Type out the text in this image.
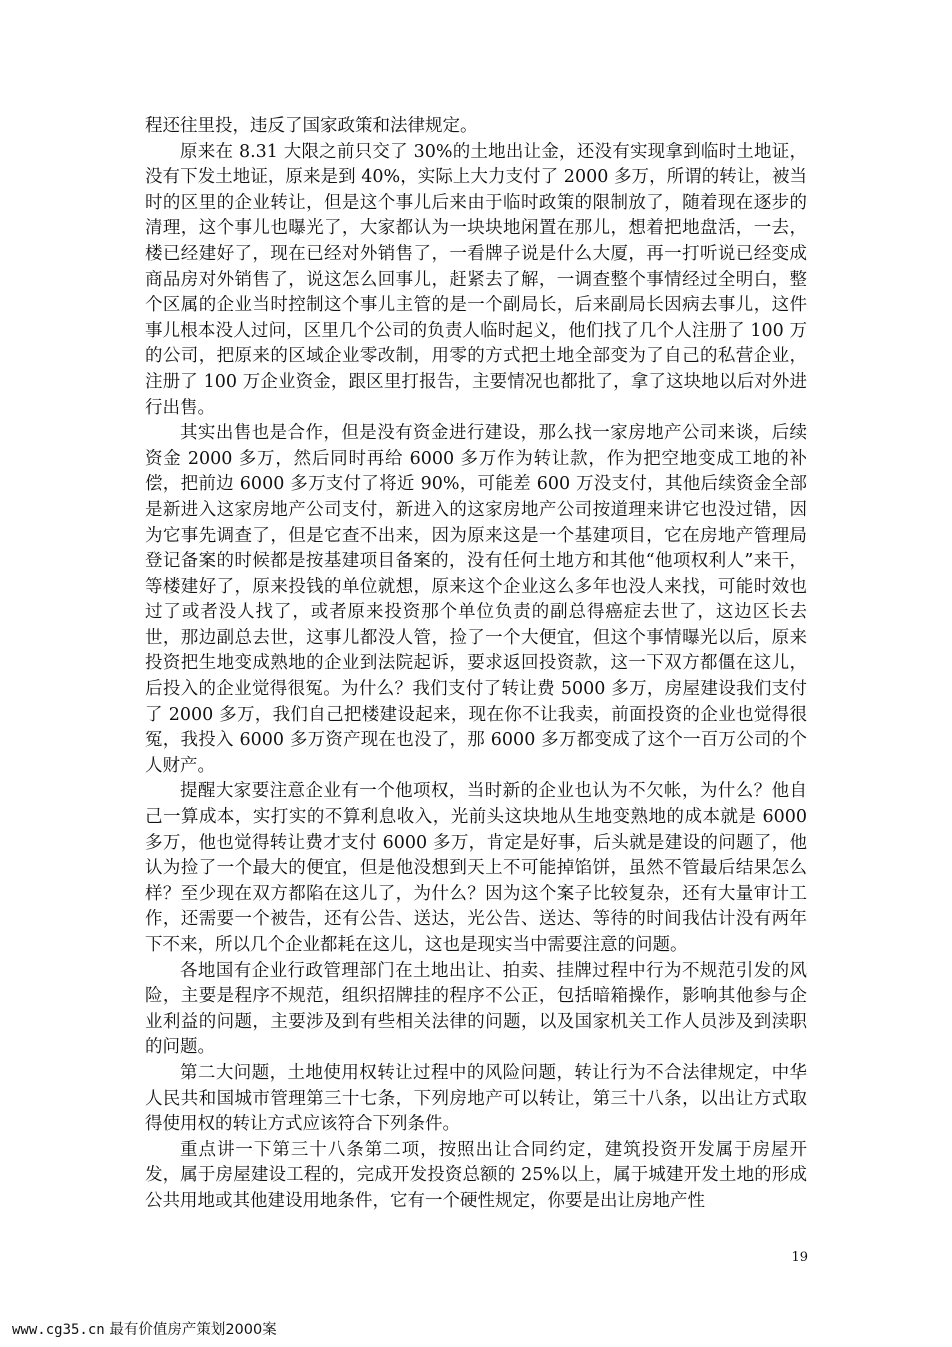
程还往里投，违反了国家政策和法律规定。

原来在 8.31 大限之前只交了 30%的土地出让金，还没有实现拿到临时土地证，没有下发土地证，原来是到 40%，实际上大力支付了 2000 多万，所谓的转让，被当时的区里的企业转让，但是这个事儿后来由于临时政策的限制放了，随着现在逐步的清理，这个事儿也曝光了，大家都认为一块块地闲置在那儿，想着把地盘活，一去，楼已经建好了，现在已经对外销售了，一看牌子说是什么大厦，再一打听说已经变成商品房对外销售了，说这怎么回事儿，赶紧去了解，一调查整个事情经过全明白，整个区属的企业当时控制这个事儿主管的是一个副局长，后来副局长因病去事儿，这件事儿根本没人过问，区里几个公司的负责人临时起义，他们找了几个人注册了 100 万的公司，把原来的区域企业零改制，用零的方式把土地全部变为了自己的私营企业，注册了 100 万企业资金，跟区里打报告，主要情况也都批了，拿了这块地以后对外进行出售。

其实出售也是合作，但是没有资金进行建设，那么找一家房地产公司来谈，后续资金 2000 多万，然后同时再给 6000 多万作为转让款，作为把空地变成工地的补偿，把前边 6000 多万支付了将近 90%，可能差 600 万没支付，其他后续资金全部是新进入这家房地产公司支付，新进入的这家房地产公司按道理来讲它也没过错，因为它事先调查了，但是它查不出来，因为原来这是一个基建项目，它在房地产管理局登记备案的时候都是按基建项目备案的，没有任何土地方和其他“他项权利人”来干，等楼建好了，原来投钱的单位就想，原来这个企业这么多年也没人来找，可能时效也过了或者没人找了，或者原来投资那个单位负责的副总得癌症去世了，这边区长去世，那边副总去世，这事儿都没人管，捡了一个大便宜，但这个事情曝光以后，原来投资把生地变成熟地的企业到法院起诉，要求返回投资款，这一下双方都僵在这儿，后投入的企业觉得很冤。为什么？我们支付了转让费 5000 多万，房屋建设我们支付了 2000 多万，我们自己把楼建设起来，现在你不让我卖，前面投资的企业也觉得很冤，我投入 6000 多万资产现在也没了，那 6000 多万都变成了这个一百万公司的个人财产。

提醒大家要注意企业有一个他项权，当时新的企业也认为不欠帐，为什么？他自己一算成本，实打实的不算利息收入，光前头这块地从生地变熟地的成本就是 6000 多万，他也觉得转让费才支付 6000 多万，肯定是好事，后头就是建设的问题了，他认为捡了一个最大的便宜，但是他没想到天上不可能掉馅饼，虽然不管最后结果怎么样？至少现在双方都陷在这儿了，为什么？因为这个案子比较复杂，还有大量审计工作，还需要一个被告，还有公告、送达，光公告、送达、等待的时间我估计没有两年下不来，所以几个企业都耗在这儿，这也是现实当中需要注意的问题。

各地国有企业行政管理部门在土地出让、拍卖、挂牌过程中行为不规范引发的风险，主要是程序不规范，组织招牌挂的程序不公正，包括暗箱操作，影响其他参与企业利益的问题，主要涉及到有些相关法律的问题，以及国家机关工作人员涉及到渎职的问题。

第二大问题，土地使用权转让过程中的风险问题，转让行为不合法律规定，中华人民共和国城市管理第三十七条，下列房地产可以转让，第三十八条，以出让方式取得使用权的转让方式应该符合下列条件。

重点讲一下第三十八条第二项，按照出让合同约定，建筑投资开发属于房屋开发，属于房屋建设工程的，完成开发投资总额的 25%以上，属于城建开发土地的形成公共用地或其他建设用地条件，它有一个硬性规定，你要是出让房地产性

19
www.cg35.cn 最有价值房产策划2000案
